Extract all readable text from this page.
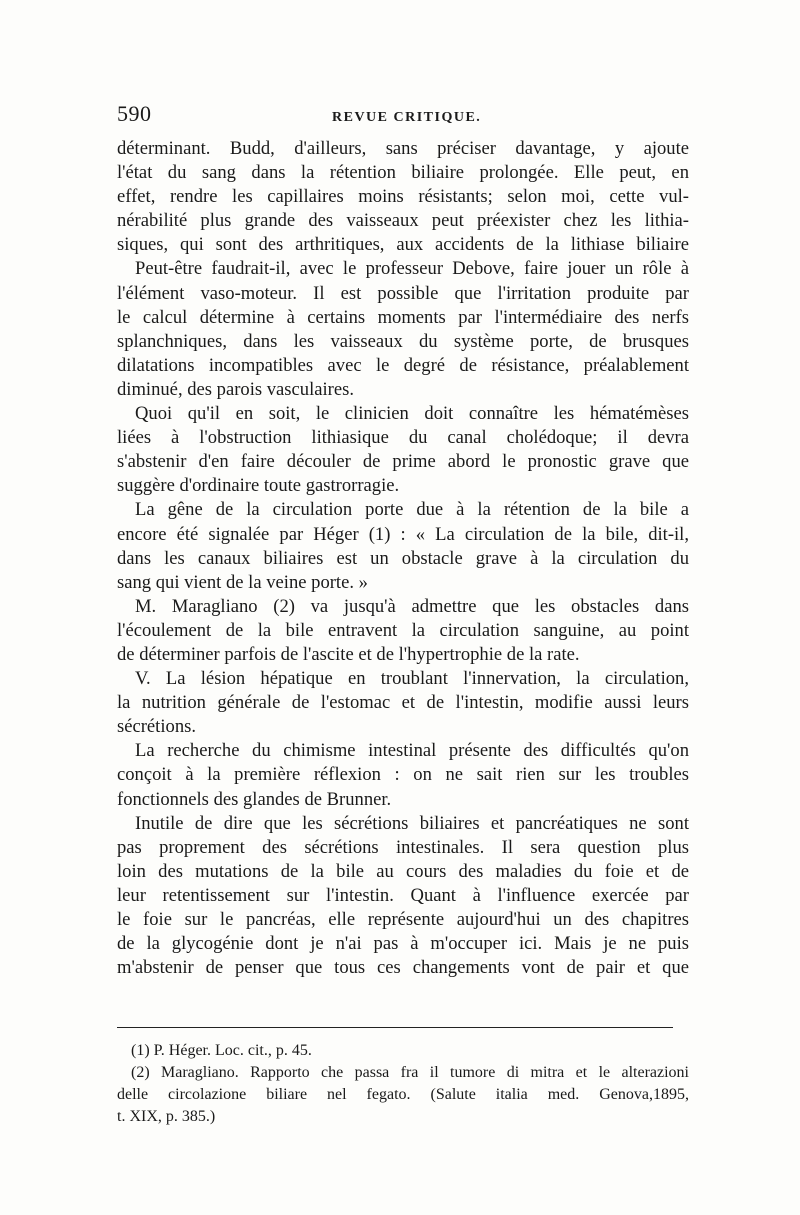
590	REVUE CRITIQUE.
déterminant. Budd, d'ailleurs, sans préciser davantage, y ajoute
l'état du sang dans la rétention biliaire prolongée. Elle peut, en
effet, rendre les capillaires moins résistants; selon moi, cette vul-
nérabilité plus grande des vaisseaux peut préexister chez les lithia-
siques, qui sont des arthritiques, aux accidents de la lithiase biliaire
Peut-être faudrait-il, avec le professeur Debove, faire jouer un rôle à
l'élément vaso-moteur. Il est possible que l'irritation produite par
le calcul détermine à certains moments par l'intermédiaire des nerfs
splanchniques, dans les vaisseaux du système porte, de brusques
dilatations incompatibles avec le degré de résistance, préalablement
diminué, des parois vasculaires.
Quoi qu'il en soit, le clinicien doit connaître les hématémèses
liées à l'obstruction lithiasique du canal cholédoque; il devra
s'abstenir d'en faire découler de prime abord le pronostic grave que
suggère d'ordinaire toute gastrorragie.
La gêne de la circulation porte due à la rétention de la bile a
encore été signalée par Héger (1) : « La circulation de la bile, dit-il,
dans les canaux biliaires est un obstacle grave à la circulation du
sang qui vient de la veine porte. »
M. Maragliano (2) va jusqu'à admettre que les obstacles dans
l'écoulement de la bile entravent la circulation sanguine, au point
de déterminer parfois de l'ascite et de l'hypertrophie de la rate.
V. La lésion hépatique en troublant l'innervation, la circulation,
la nutrition générale de l'estomac et de l'intestin, modifie aussi leurs
sécrétions.
La recherche du chimisme intestinal présente des difficultés qu'on
conçoit à la première réflexion : on ne sait rien sur les troubles
fonctionnels des glandes de Brunner.
Inutile de dire que les sécrétions biliaires et pancréatiques ne sont
pas proprement des sécrétions intestinales. Il sera question plus
loin des mutations de la bile au cours des maladies du foie et de
leur retentissement sur l'intestin. Quant à l'influence exercée par
le foie sur le pancréas, elle représente aujourd'hui un des chapitres
de la glycogénie dont je n'ai pas à m'occuper ici. Mais je ne puis
m'abstenir de penser que tous ces changements vont de pair et que
(1) P. Héger. Loc. cit., p. 45.
(2) Maragliano. Rapporto che passa fra il tumore di mitra et le alterazioni
delle circolazione biliare nel fegato. (Salute italia med. Genova,1895,
t. XIX, p. 385.)
